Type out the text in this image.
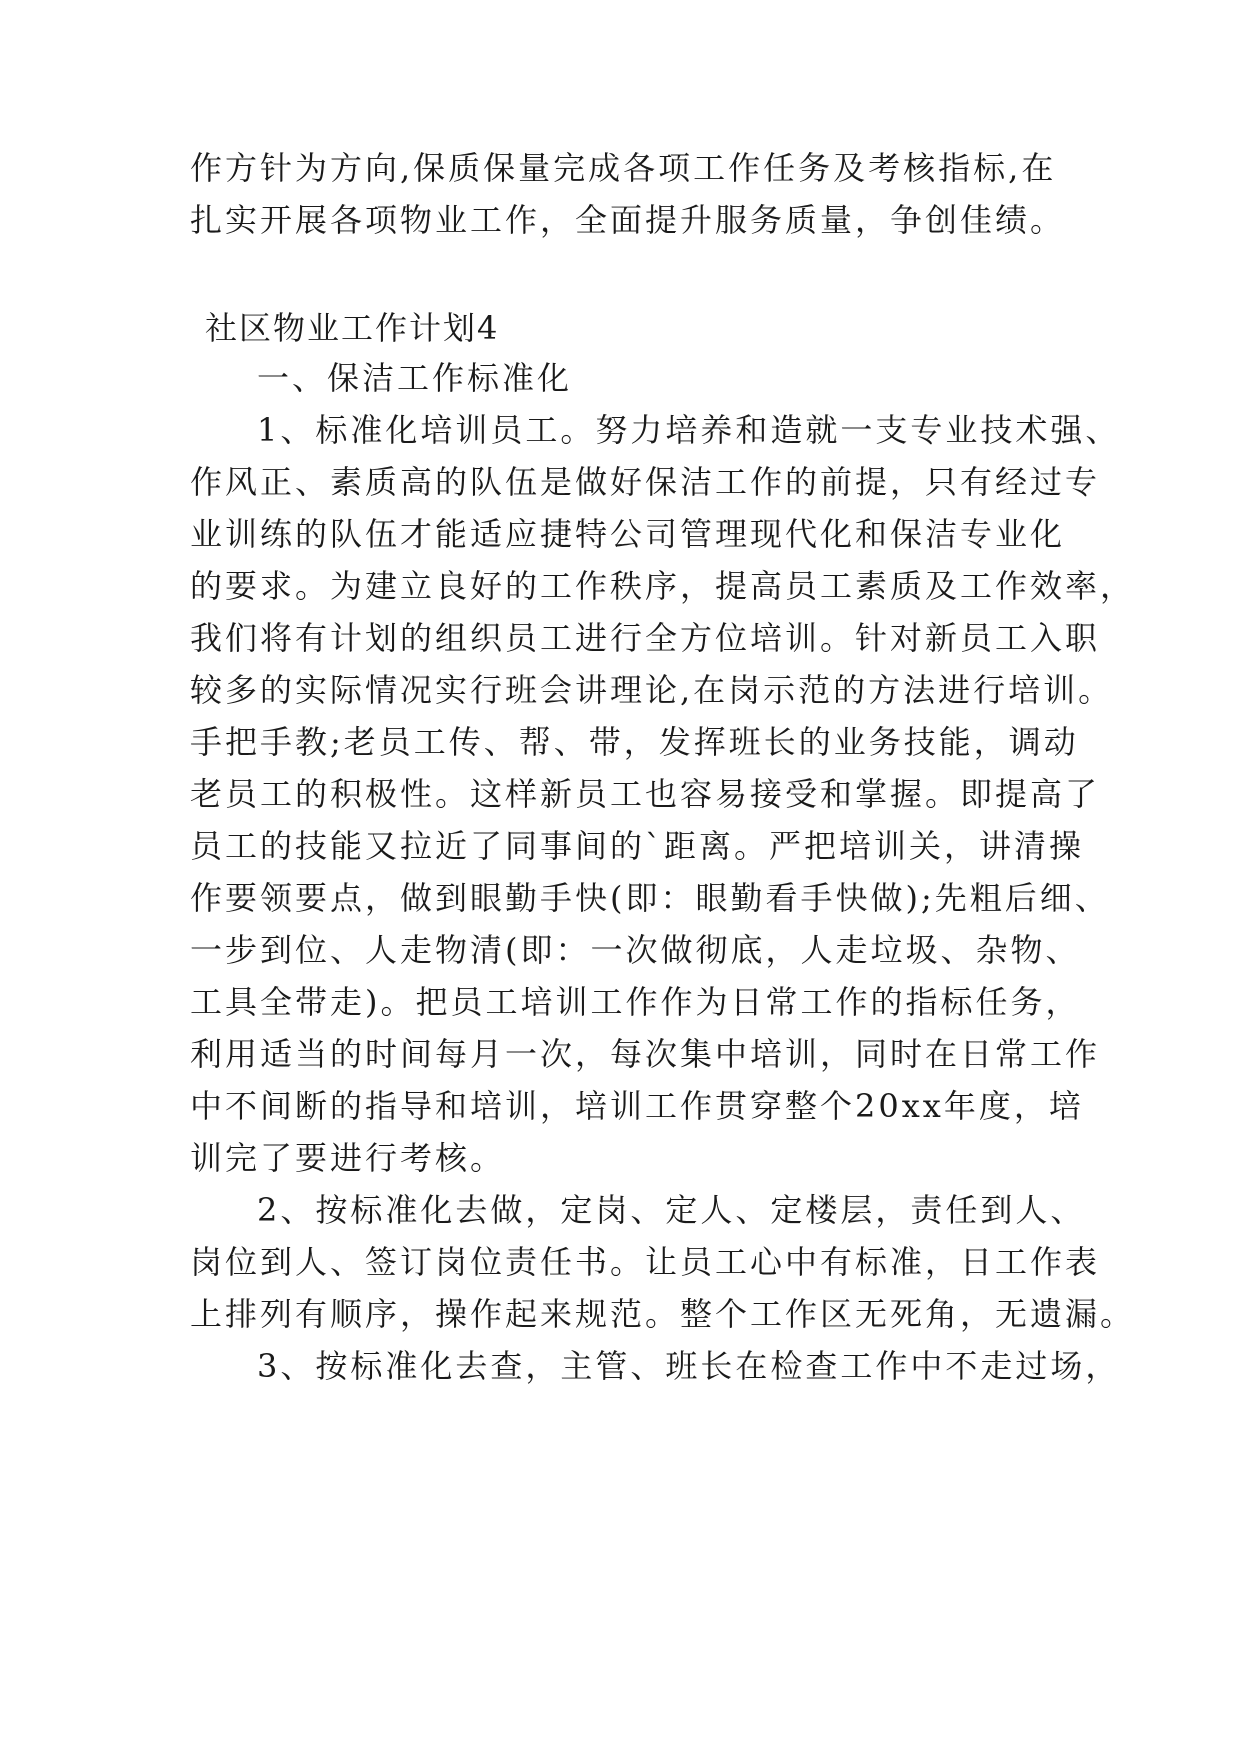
作方针为方向,保质保量完成各项工作任务及考核指标,在
扎实开展各项物业工作，全面提升服务质量，争创佳绩。
社区物业工作计划4
一、保洁工作标准化
1、标准化培训员工。努力培养和造就一支专业技术强、
作风正、素质高的队伍是做好保洁工作的前提，只有经过专
业训练的队伍才能适应捷特公司管理现代化和保洁专业化
的要求。为建立良好的工作秩序，提高员工素质及工作效率，
我们将有计划的组织员工进行全方位培训。针对新员工入职
较多的实际情况实行班会讲理论,在岗示范的方法进行培训。
手把手教;老员工传、帮、带，发挥班长的业务技能，调动
老员工的积极性。这样新员工也容易接受和掌握。即提高了
员工的技能又拉近了同事间的`距离。严把培训关，讲清操
作要领要点，做到眼勤手快(即：眼勤看手快做);先粗后细、
一步到位、人走物清(即：一次做彻底，人走垃圾、杂物、
工具全带走)。把员工培训工作作为日常工作的指标任务，
利用适当的时间每月一次，每次集中培训，同时在日常工作
中不间断的指导和培训，培训工作贯穿整个20xx年度，培
训完了要进行考核。
2、按标准化去做，定岗、定人、定楼层，责任到人、
岗位到人、签订岗位责任书。让员工心中有标准，日工作表
上排列有顺序，操作起来规范。整个工作区无死角，无遗漏。
3、按标准化去查，主管、班长在检查工作中不走过场，
